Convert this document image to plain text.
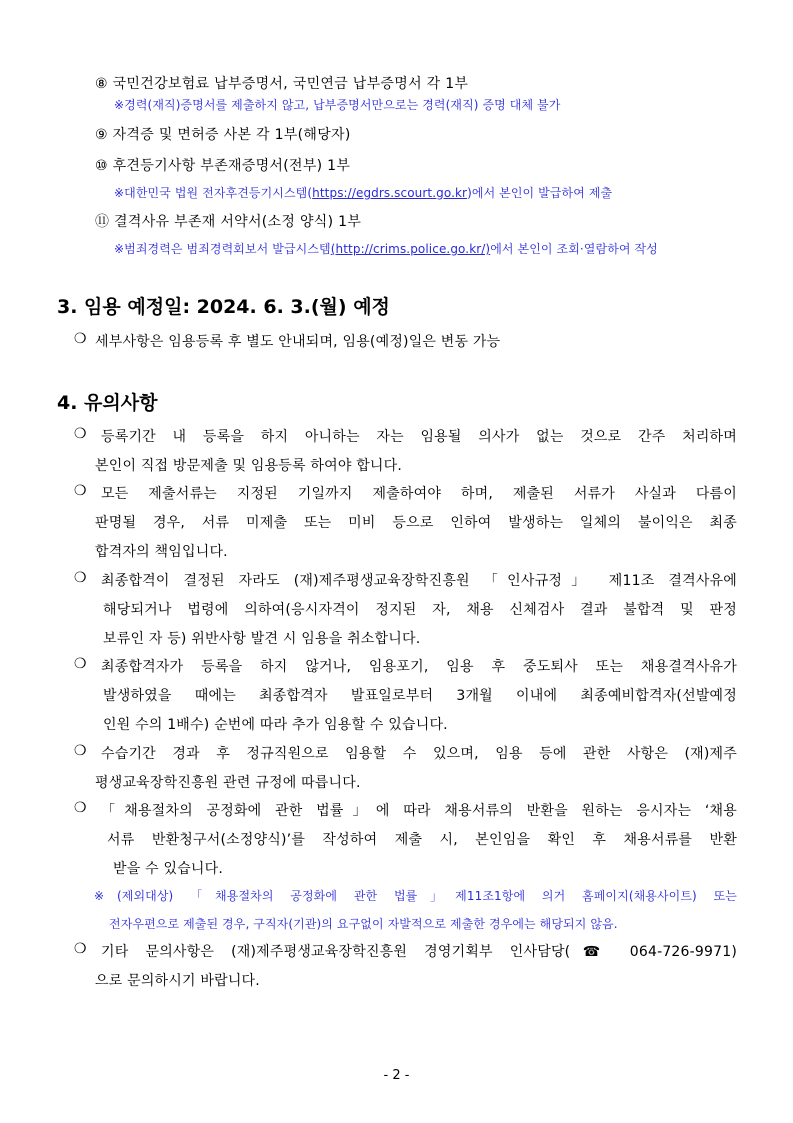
⑧ 국민건강보험료 납부증명서, 국민연금 납부증명서 각 1부
※경력(재직)증명서를 제출하지 않고, 납부증명서만으로는 경력(재직) 증명 대체 불가
⑨ 자격증 및 면허증 사본 각 1부(해당자)
⑩ 후견등기사항 부존재증명서(전부) 1부
※대한민국 법원 전자후견등기시스템(https://egdrs.scourt.go.kr)에서 본인이 발급하여 제출
⑪ 결격사유 부존재 서약서(소정 양식) 1부
※범죄경력은 범죄경력회보서 발급시스템(http://crims.police.go.kr/)에서 본인이 조회·열람하여 작성
3. 임용 예정일: 2024. 6. 3.(월) 예정
❍ 세부사항은 임용등록 후 별도 안내되며, 임용(예정)일은 변동 가능
4. 유의사항
❍ 등록기간 내 등록을 하지 아니하는 자는 임용될 의사가 없는 것으로 간주 처리하며
본인이 직접 방문제출 및 임용등록 하여야 합니다.
❍ 모든 제출서류는 지정된 기일까지 제출하여야 하며, 제출된 서류가 사실과 다름이
판명될 경우, 서류 미제출 또는 미비 등으로 인하여 발생하는 일체의 불이익은 최종
합격자의 책임입니다.
❍ 최종합격이 결정된 자라도 (재)제주평생교육장학진흥원 「인사규정」 제11조 결격사유에
해당되거나 법령에 의하여(응시자격이 정지된 자, 채용 신체검사 결과 불합격 및 판정
보류인 자 등) 위반사항 발견 시 임용을 취소합니다.
❍ 최종합격자가 등록을 하지 않거나, 임용포기, 임용 후 중도퇴사 또는 채용결격사유가
발생하였을 때에는 최종합격자 발표일로부터 3개월 이내에 최종예비합격자(선발예정
인원 수의 1배수) 순번에 따라 추가 임용할 수 있습니다.
❍ 수습기간 경과 후 정규직원으로 임용할 수 있으며, 임용 등에 관한 사항은 (재)제주
평생교육장학진흥원 관련 규정에 따릅니다.
❍ 「채용절차의 공정화에 관한 법률」에 따라 채용서류의 반환을 원하는 응시자는 ‘채용
서류 반환청구서(소정양식)’를 작성하여 제출 시, 본인임을 확인 후 채용서류를 반환
받을 수 있습니다.
※(제외대상) 「채용절차의 공정화에 관한 법률」제11조1항에 의거 홈페이지(채용사이트) 또는
전자우편으로 제출된 경우, 구직자(기관)의 요구없이 자발적으로 제출한 경우에는 해당되지 않음.
❍ 기타 문의사항은 (재)제주평생교육장학진흥원 경영기획부 인사담당(☎ 064-726-9971)
으로 문의하시기 바랍니다.
- 2 -
